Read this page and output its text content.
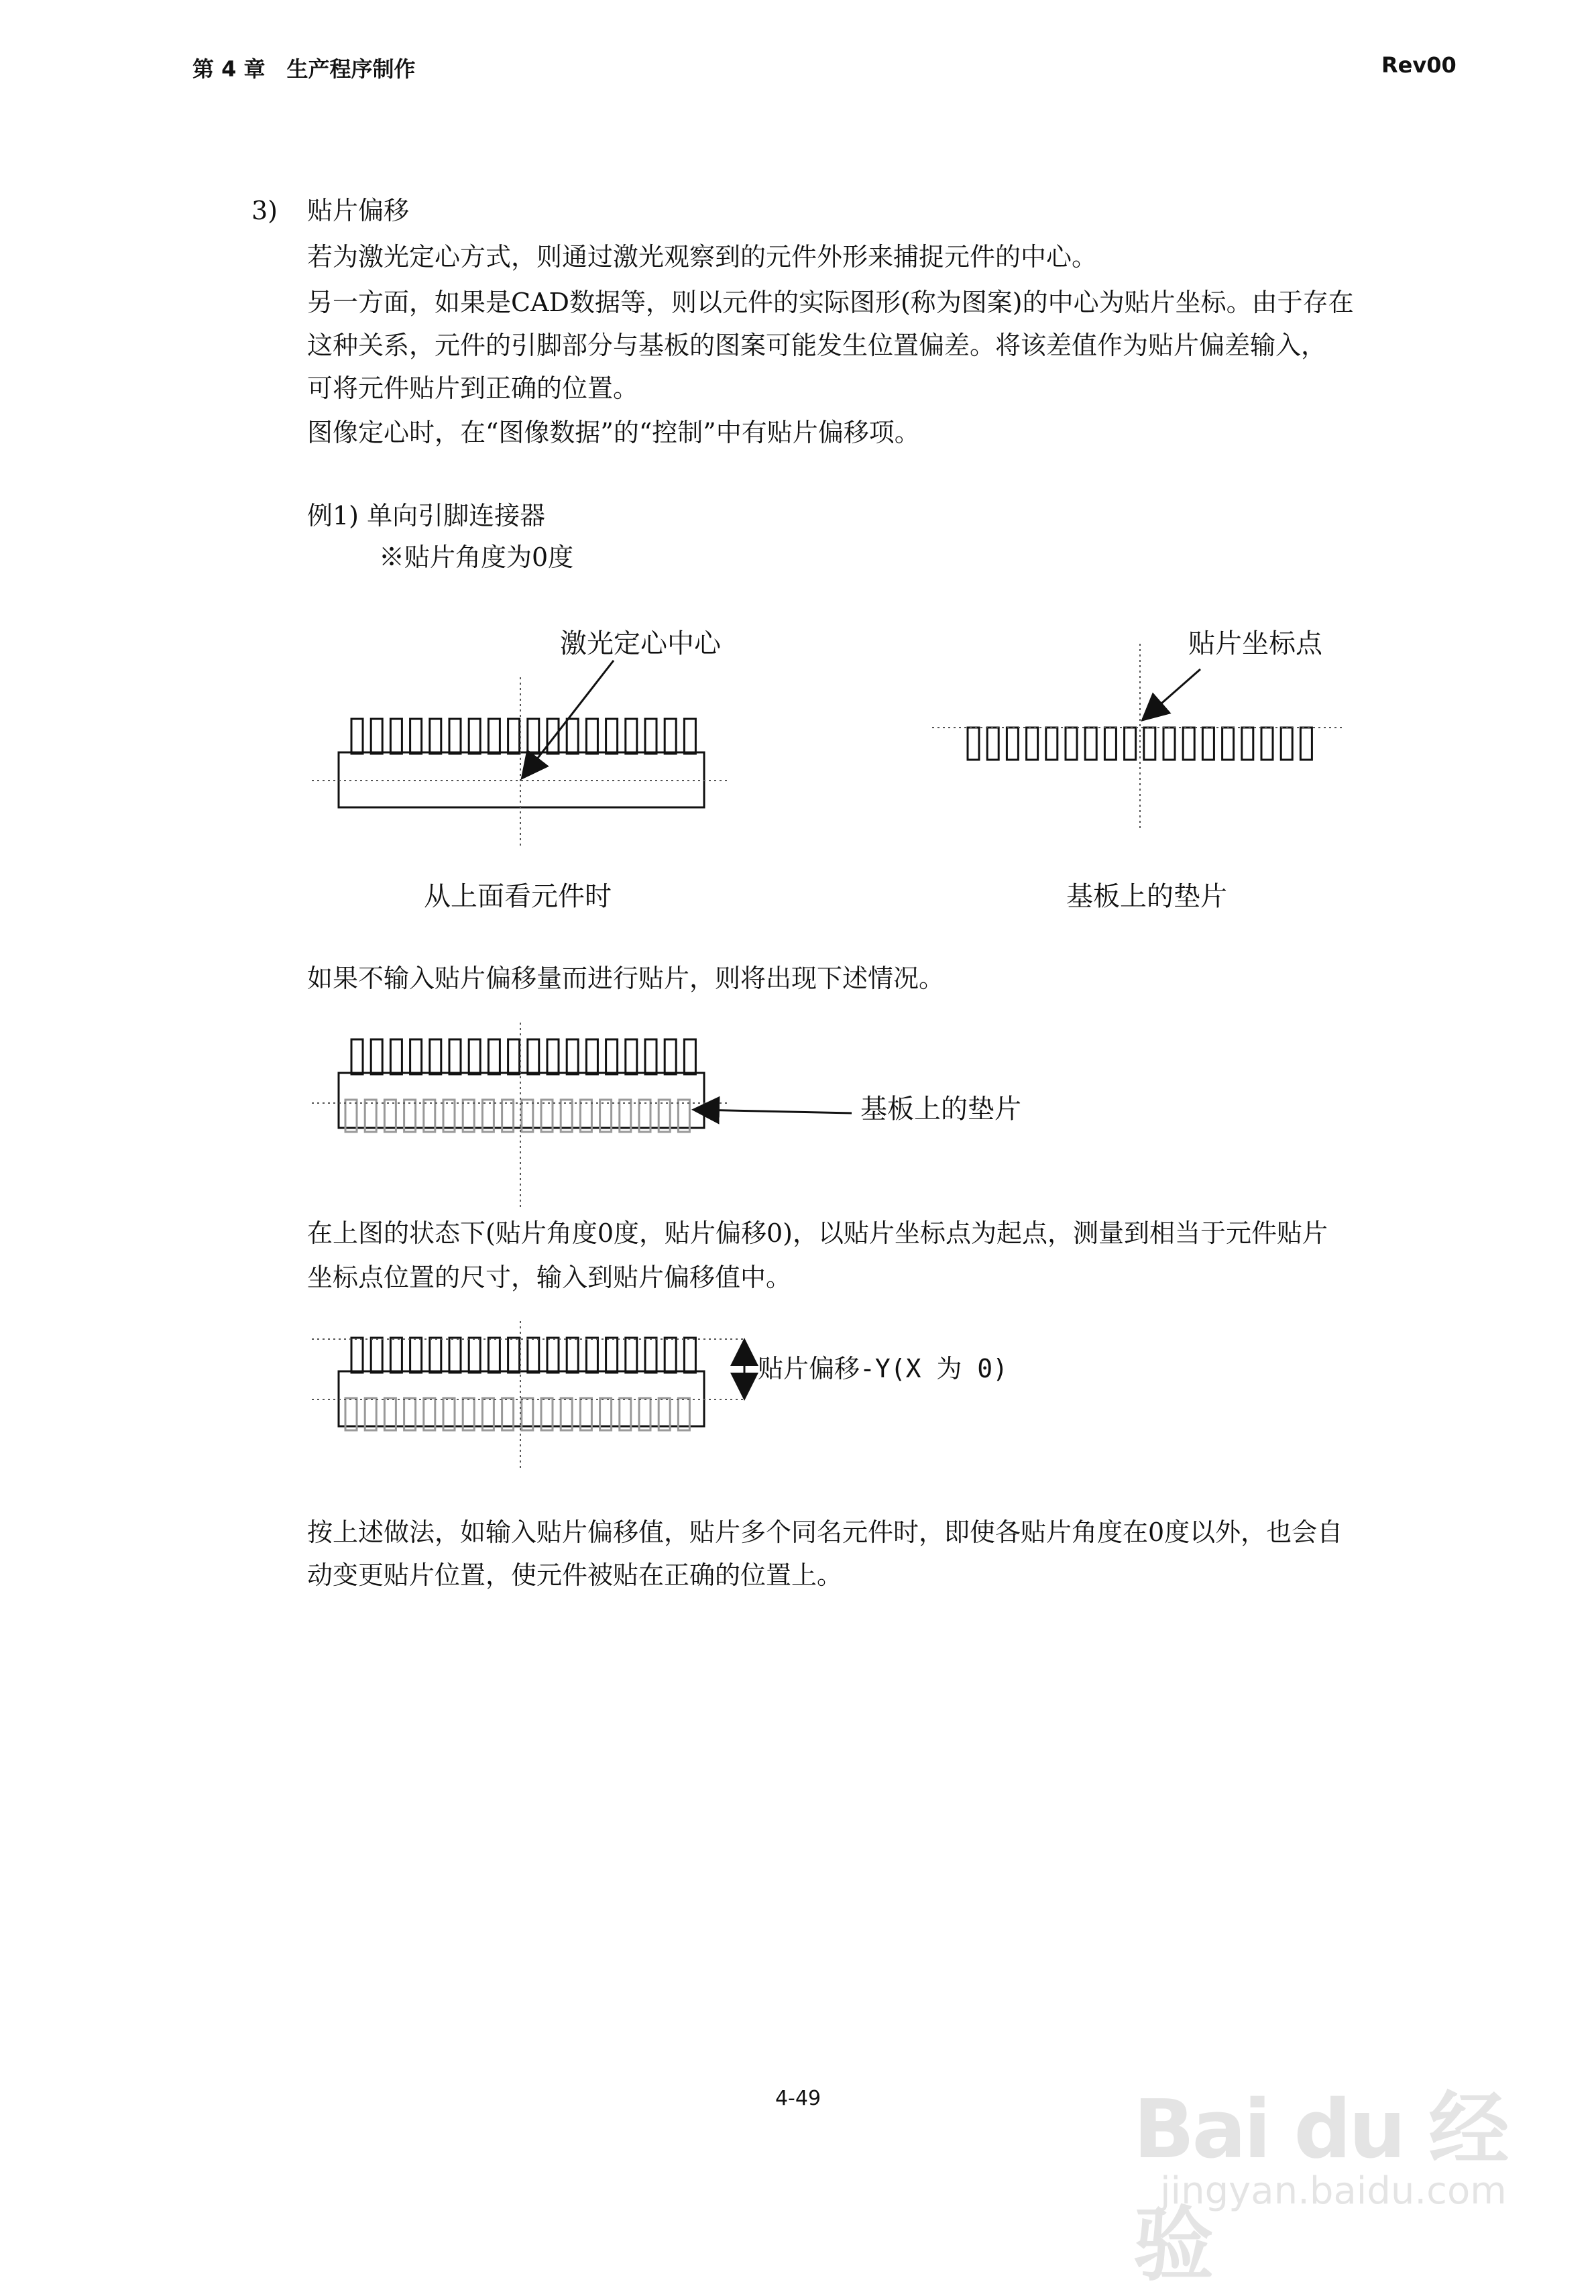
第 4 章　生产程序制作	Rev00
3) 贴片偏移
若为激光定心方式，则通过激光观察到的元件外形来捕捉元件的中心。
另一方面，如果是CAD数据等，则以元件的实际图形(称为图案)的中心为贴片坐标。由于存在
这种关系，元件的引脚部分与基板的图案可能发生位置偏差。将该差值作为贴片偏差输入，
可将元件贴片到正确的位置。
图像定心时，在“图像数据”的“控制”中有贴片偏移项。
例1) 单向引脚连接器
※贴片角度为0度
激光定心中心
从上面看元件时
贴片坐标点
基板上的垫片
如果不输入贴片偏移量而进行贴片，则将出现下述情况。
基板上的垫片
在上图的状态下(贴片角度0度，贴片偏移0)，以贴片坐标点为起点，测量到相当于元件贴片
坐标点位置的尺寸，输入到贴片偏移值中。
贴片偏移-Y(X 为 0)
按上述做法，如输入贴片偏移值，贴片多个同名元件时，即使各贴片角度在0度以外，也会自
动变更贴片位置，使元件被贴在正确的位置上。
4-49	Bai du 经验
jingyan.baidu.com
